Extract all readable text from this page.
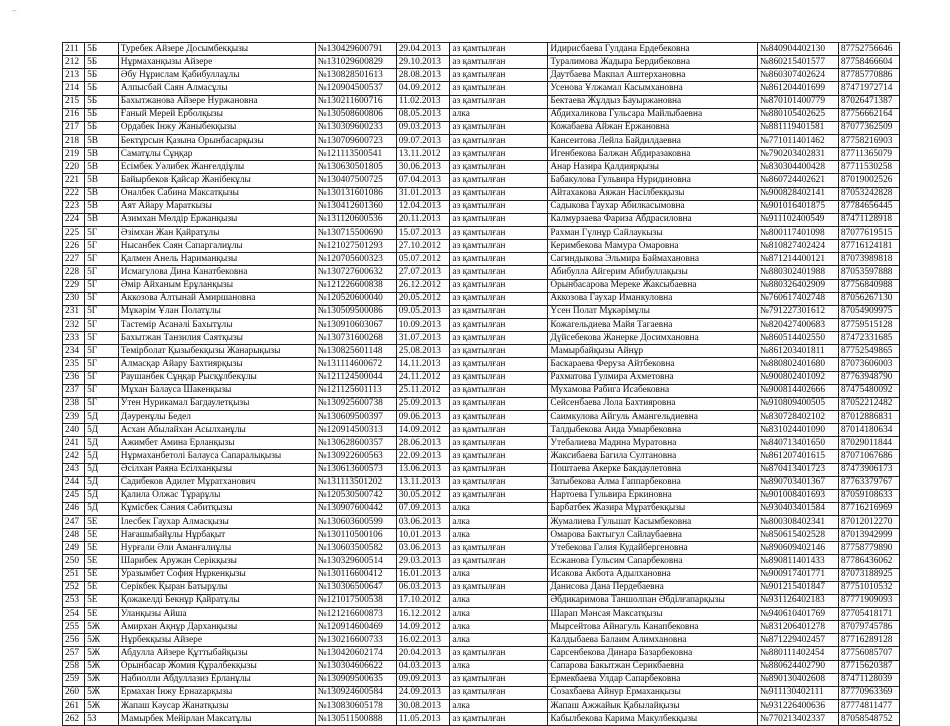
–
211	5Б	Туребек Айзере Досымбекқызы	№130429600791	29.04.2013	аз қамтылған	Идирисбаева Гулдана Ердебековна	№840904402130	87752756646
212	5Б	Нұрмаханқызы Айзере	№131029600829	29.10.2013	аз қамтылған	Туралимова Жадыра Бердибековна	№860215401577	87758466604
213	5Б	Әбу Нұрислам Қабибуллаұлы	№130828501613	28.08.2013	аз қамтылған	Даутбаева Макпал Аштерхановна	№860307402624	87785770886
214	5Б	Алпысбай Саян Алмасұлы	№120904500537	04.09.2012	аз қамтылған	Усенова Ұлжамал Касымхановна	№861204401699	87471972714
215	5Б	Бахытжанова Айзере Нуржановна	№130211600716	11.02.2013	аз қамтылған	Бектаева Жұлдыз Бауыржановна	№870101400779	87026471387
216	5Б	Ғаный Мерей Ерболқызы	№130508600806	08.05.2013	алка	Абдихаликова Гульсара Майлыбаевна	№880105402625	87756662164
217	5Б	Ордабек Інжу Жаныбекқызы	№130309600233	09.03.2013	аз қамтылған	Кожабаева Айжан Ержановна	№881119401581	87077362509
218	5В	Бектұрсын Қазына Орынбасарқызы	№130709600723	09.07.2013	аз қамтылған	Кансеитова Лейла Байдилдаевна	№771011401462	87758216903
219	5В	Саматұлы Сұңқар	№121113500541	13.11.2012	аз қамтылған	Игенбекова Балжан Абдиразаковна	№790203402831	87711365079
220	5В	Есімбек Уәлибек Жанғелдіұлы	№130630501805	30.06.2013	аз қамтылған	Анар Назира Қалдиярқызы	№830304400428	87711530258
221	5В	Байырбеков Қайсар Жәнібекұлы	№130407500725	07.04.2013	аз қамтылған	Бабакулова Гульвира Нуридиновна	№860724402621	87019002526
222	5В	Оналбек Сабина Максатқызы	№130131601086	31.01.2013	аз қамтылған	Айтахакова Аяжан Насілбекқызы	№900828402141	87053242828
223	5В	Аят Айару Мараткызы	№130412601360	12.04.2013	аз қамтылған	Садыкова Гаухар Абилкасымовна	№901016401875	87784656445
224	5В	Азимхан Мөлдір Ержанқызы	№131120600536	20.11.2013	аз қамтылған	Калмурзаева Фариза Абдрасиловна	№911102400549	87471128918
225	5Г	Әзімхан Жан Қайратұлы	№130715500690	15.07.2013	аз қамтылған	Рахман Гүлнұр Сайлаукызы	№800117401098	87077619515
226	5Г	Нысанбек Саян Сапаргалиұлы	№121027501293	27.10.2012	аз қамтылған	Керимбекова Мамура Омаровна	№810827402424	87716124181
227	5Г	Қалмен Анель Нариманқызы	№120705600323	05.07.2012	аз қамтылған	Сагиндыкова Эльмира Баймахановна	№871214400121	87073989818
228	5Г	Исмагулова Дина Канатбековна	№130727600632	27.07.2013	аз қамтылған	Абибулла Айгерим Абибуллақызы	№880302401988	87053597888
229	5Г	Әмір Айханым Ерұланқызы	№121226600838	26.12.2012	аз қамтылған	Орынбасарова Мереке Жаксыбаевна	№880326402909	87756840988
230	5Г	Аккозова Алтынай Амиршановна	№120520600040	20.05.2012	аз қамтылған	Аккозова Гаухар Иманкуловна	№760617402748	87056267130
231	5Г	Мұкәрім Ұлан Полатұлы	№130509500086	09.05.2013	аз қамтылған	Үсен Полат Мұкәрімұлы	№791227301612	87054909975
232	5Г	Тастемір Асанәлі Бахытұлы	№130910603067	10.09.2013	аз қамтылған	Кожагельдиева Майя Тагаевна	№820427400683	87759515128
233	5Г	Бахытжан Танзилия Саятқызы	№130731600268	31.07.2013	аз қамтылған	Дүйсебекова Жанерке Досимхановна	№860514402550	87472331685
234	5Г	Темірболат Қызыбекқызы Жанарықызы	№130825601148	25.08.2013	аз қамтылған	Мамырбайқызы Айнұр	№861203401811	87752549865
235	5Г	Алмасқар Айару Бахтиярқызы	№131114600672	14.11.2013	аз қамтылған	Баскараева Феруза Айтбековна	№880802401680	87073606003
236	5Г	Раушанбек Сұңқар Рысқұлбекұлы	№121124500044	24.11.2012	аз қамтылған	Рахматова Гулмира Ахметовна	№900802401092	87763948790
237	5Г	Мұхан Балауса Шакенқызы	№121125601113	25.11.2012	аз қамтылған	Мухамова Рабига Исабековна	№900814402666	87475480092
238	5Г	Утен Нурикамал Багдаулетқызы	№130925600738	25.09.2013	аз қамтылған	Сейсенбаева Лола Бахтияровна	№910809400505	87052212482
239	5Д	Дәуренұлы Бедел	№130609500397	09.06.2013	аз қамтылған	Саимкулова Айгуль Амангельдиевна	№830728402102	87012886831
240	5Д	Асхан Абылайхан Асылханұлы	№120914500313	14.09.2012	аз қамтылған	Талдыбекова Аида Умырбековна	№831024401090	87014180634
241	5Д	Ажимбет Амина Ерланқызы	№130628600357	28.06.2013	аз қамтылған	Утебалиева Мадина Муратовна	№840713401650	87029011844
242	5Д	Нұрмаханбетолі Балауса Сапаралықызы	№130922600563	22.09.2013	аз қамтылған	Жаксибаева Багила Султановна	№861207401615	87071067686
243	5Д	Әсілхан Раяна Есілханқызы	№130613600573	13.06.2013	аз қамтылған	Поштаева Акерке Бакдаулетовна	№870413401723	87473906173
244	5Д	Садибеков Адилет Мұратханович	№131113501202	13.11.2013	аз қамтылған	Затыбекова Алма Гаппарбековна	№890703401367	87763379767
245	5Д	Қалила Олжас Тұрарұлы	№120530500742	30.05.2012	аз қамтылған	Нартоева Гульвира Еркиновна	№901008401693	87059108633
246	5Д	Кұмісбек Сәния Сәбитқызы	№130907600442	07.09.2013	алка	Барбатбек Жазира Мұратбекқызы	№930403401584	87716216969
247	5Е	Ілесбек Гаухар Алмасқызы	№130603600599	03.06.2013	алка	Жумалиева Гульшат Касымбековна	№800308402341	87012012270
248	5Е	Нағашыбайұлы Нұрбақыт	№130110500106	10.01.2013	алка	Омарова Бактыгул Сайлаубаевна	№850615402528	87013942999
249	5Е	Нурғали Әли Аманғалиұлы	№130603500582	03.06.2013	аз қамтылған	Утебекова Галия Кудайбергеновна	№890609402146	87758779890
250	5Е	Шарибек Аружан Серікқызы	№130329600514	29.03.2013	аз қамтылған	Есжанова Гульсим Сапарбековна	№890811401433	87786436062
251	5Е	Уразымбет София Нұркенқызы	№130116600412	16.01.2013	алка	Исакова Акбота Адылхановна	№900917401771	87073188925
252	5Е	Серікбек Қыран Батырұлы	№130306500647	06.03.2013	аз қамтылған	Данисова Дана Пердебаевна	№901215401847	87751010532
253	5Е	Қожакелді Бекнұр Қайратұлы	№121017500538	17.10.2012	алка	Әбдикаримова Таншолпан Әбділғапарқызы	№931126402183	87771909093
254	5Е	Уланқызы Айша	№121216600873	16.12.2012	алка	Шарап Мәнсая Максатқызы	№940610401769	87705418171
255	5Ж	Амирхан Ақнұр Дарханқызы	№120914600469	14.09.2012	алка	Мырсейтова Айнагуль Канапбековна	№831206401278	87079745786
256	5Ж	Нұрбекқызы Айзере	№130216600733	16.02.2013	алка	Калдыбаева Балаим Алимхановна	№871229402457	87716289128
257	5Ж	Абдулла Айзере Құттыбайқызы	№130420602174	20.04.2013	аз қамтылған	Сарсенбекова Динара Базарбековна	№880111402454	87756085707
258	5Ж	Орынбасар Жомия Құралбекқызы	№130304606622	04.03.2013	алка	Сапарова Бакытжан Серикбаевна	№880624402790	87715620387
259	5Ж	Набиолли Абдуллазиз Ерланұлы	№130909500635	09.09.2013	аз қамтылған	Ермекбаева Улдар Сапарбековна	№890130402608	87471128039
260	5Ж	Ермахан Інжу Ернazарқызы	№130924600584	24.09.2013	аз қамтылған	Созахбаева Айнур Ермаханқызы	№911130402111	87770963369
261	5Ж	Жапаш Кәусар Жанатқызы	№130830605178	30.08.2013	алка	Жапаш Ажжайык Қабылайқызы	№931226400636	87774811477
262	5З	Мамырбек Мейірлан Максатұлы	№130511500888	11.05.2013	аз қамтылған	Кабылбекова Карима Макулбекқызы	№770213402337	87058548752
